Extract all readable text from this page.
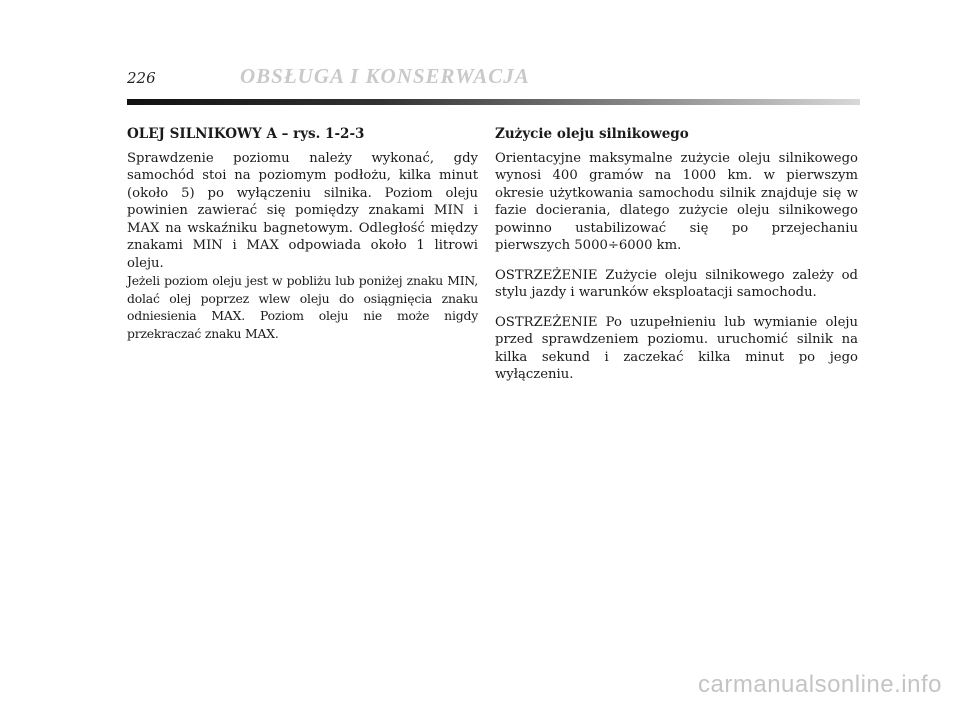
226	OBSŁUGA I KONSERWACJA
OLEJ SILNIKOWY A – rys. 1-2-3

Sprawdzenie poziomu należy wykonać, gdy samochód stoi na poziomym podłożu, kilka minut (około 5) po wyłączeniu silnika. Poziom oleju powinien zawierać się pomiędzy znakami MIN i MAX na wskaźniku bagnetowym. Odległość między znakami MIN i MAX odpowiada około 1 litrowi oleju.

Jeżeli poziom oleju jest w pobliżu lub poniżej znaku MIN, dolać olej poprzez wlew oleju do osiągnięcia znaku odniesienia MAX. Poziom oleju nie może nigdy przekraczać znaku MAX.

Zużycie oleju silnikowego

Orientacyjne maksymalne zużycie oleju silnikowego wynosi 400 gramów na 1000 km. w pierwszym okresie użytkowania samochodu silnik znajduje się w fazie docierania, dlatego zużycie oleju silnikowego powinno ustabilizować się po przejechaniu pierwszych 5000÷6000 km.

OSTRZEŻENIE Zużycie oleju silnikowego zależy od stylu jazdy i warunków eksploatacji samochodu.

OSTRZEŻENIE Po uzupełnieniu lub wymianie oleju przed sprawdzeniem poziomu. uruchomić silnik na kilka sekund i zaczekać kilka minut po jego wyłączeniu.

carmanualsonline.info
